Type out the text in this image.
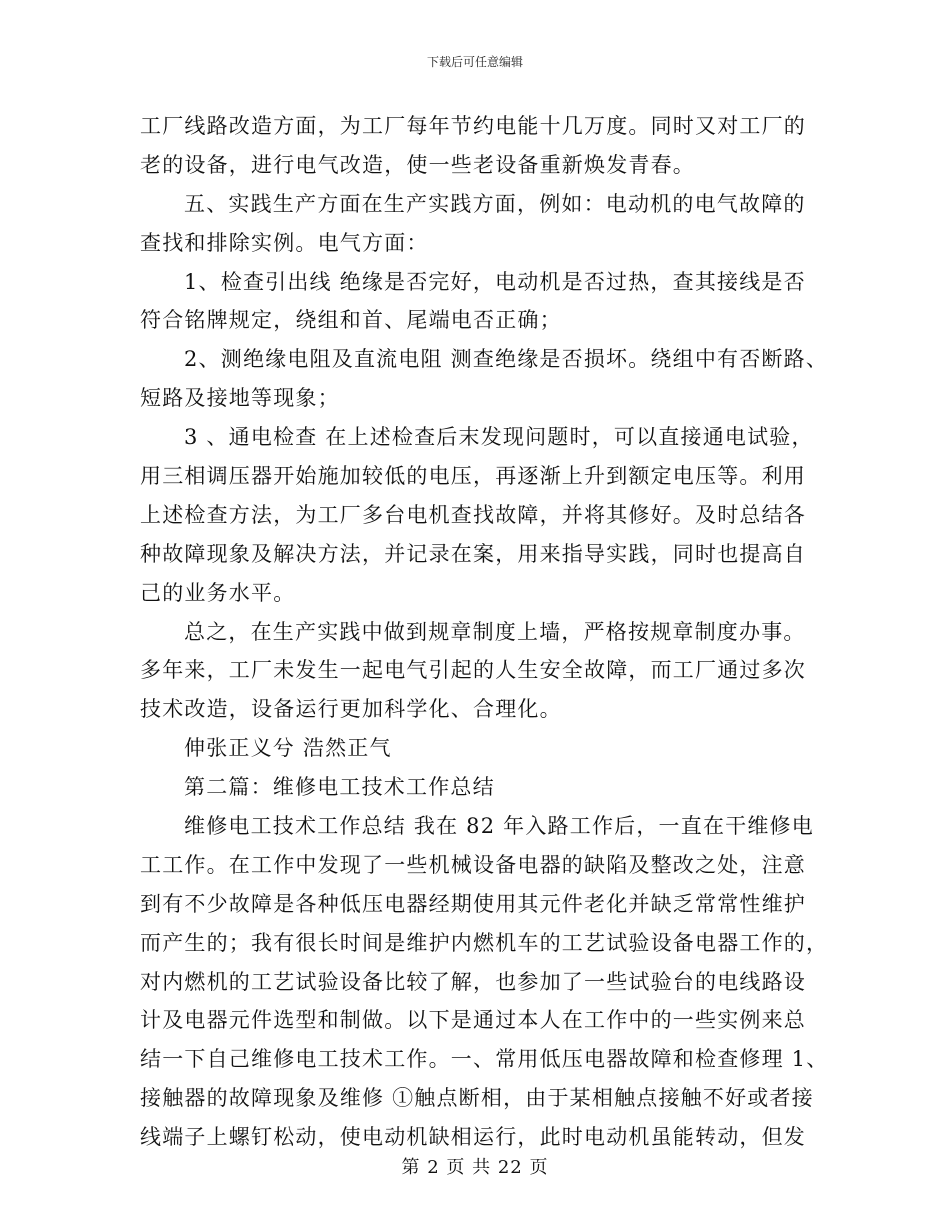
下载后可任意编辑
工厂线路改造方面，为工厂每年节约电能十几万度。同时又对工厂的
老的设备，进行电气改造，使一些老设备重新焕发青春。
五、实践生产方面在生产实践方面，例如：电动机的电气故障的
查找和排除实例。电气方面：
1、检查引出线 绝缘是否完好，电动机是否过热，查其接线是否
符合铭牌规定，绕组和首、尾端电否正确；
2、测绝缘电阻及直流电阻 测查绝缘是否损坏。绕组中有否断路、
短路及接地等现象；
3 、通电检查 在上述检查后末发现问题时，可以直接通电试验，
用三相调压器开始施加较低的电压，再逐渐上升到额定电压等。利用
上述检查方法，为工厂多台电机查找故障，并将其修好。及时总结各
种故障现象及解决方法，并记录在案，用来指导实践，同时也提高自
己的业务水平。
总之，在生产实践中做到规章制度上墙，严格按规章制度办事。
多年来，工厂未发生一起电气引起的人生安全故障，而工厂通过多次
技术改造，设备运行更加科学化、合理化。
伸张正义兮 浩然正气
第二篇：维修电工技术工作总结
维修电工技术工作总结 我在 82 年入路工作后，一直在干维修电
工工作。在工作中发现了一些机械设备电器的缺陷及整改之处，注意
到有不少故障是各种低压电器经期使用其元件老化并缺乏常常性维护
而产生的；我有很长时间是维护内燃机车的工艺试验设备电器工作的，
对内燃机的工艺试验设备比较了解，也参加了一些试验台的电线路设
计及电器元件选型和制做。以下是通过本人在工作中的一些实例来总
结一下自己维修电工技术工作。一、常用低压电器故障和检查修理 1、
接触器的故障现象及维修 ①触点断相，由于某相触点接触不好或者接
线端子上螺钉松动，使电动机缺相运行，此时电动机虽能转动，但发
第 2 页 共 22 页
